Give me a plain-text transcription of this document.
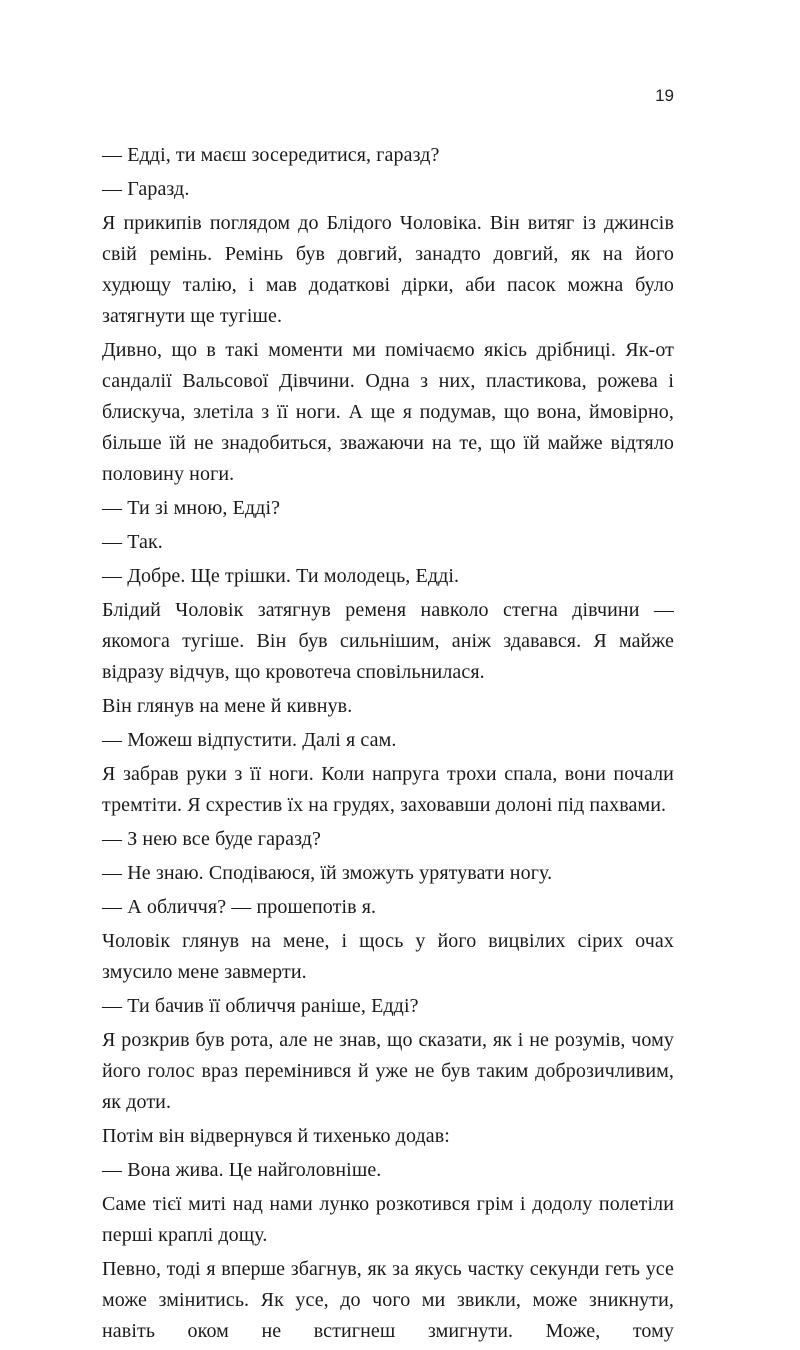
19

— Едді, ти маєш зосередитися, гаразд?

— Гаразд.

Я прикипів поглядом до Блідого Чоловіка. Він витяг із джинсів свій ремінь. Ремінь був довгий, занадто довгий, як на його худющу талію, і мав додаткові дірки, аби пасок можна було затягнути ще тугіше.

Дивно, що в такі моменти ми помічаємо якісь дрібниці. Як-от сандалії Вальсової Дівчини. Одна з них, пластикова, рожева і блискуча, злетіла з її ноги. А ще я подумав, що вона, ймовірно, більше їй не знадобиться, зважаючи на те, що їй майже відтяло половину ноги.

— Ти зі мною, Едді?

— Так.

— Добре. Ще трішки. Ти молодець, Едді.

Блідий Чоловік затягнув ременя навколо стегна дівчини — якомога тугіше. Він був сильнішим, аніж здавався. Я майже відразу відчув, що кровотеча сповільнилася.

Він глянув на мене й кивнув.

— Можеш відпустити. Далі я сам.

Я забрав руки з її ноги. Коли напруга трохи спала, вони почали тремтіти. Я схрестив їх на грудях, заховавши долоні під пахвами.

— З нею все буде гаразд?

— Не знаю. Сподіваюся, їй зможуть урятувати ногу.

— А обличчя? — прошепотів я.

Чоловік глянув на мене, і щось у його вицвілих сірих очах змусило мене завмерти.

— Ти бачив її обличчя раніше, Едді?

Я розкрив був рота, але не знав, що сказати, як і не розумів, чому його голос враз перемінився й уже не був таким доброзичливим, як доти.

Потім він відвернувся й тихенько додав:

— Вона жива. Це найголовніше.

Саме тієї миті над нами лунко розкотився грім і додолу полетіли перші краплі дощу.

Певно, тоді я вперше збагнув, як за якусь частку секунди геть усе може змінитись. Як усе, до чого ми звикли, може зникнути, навіть оком не встигнеш змигнути. Може, тому
